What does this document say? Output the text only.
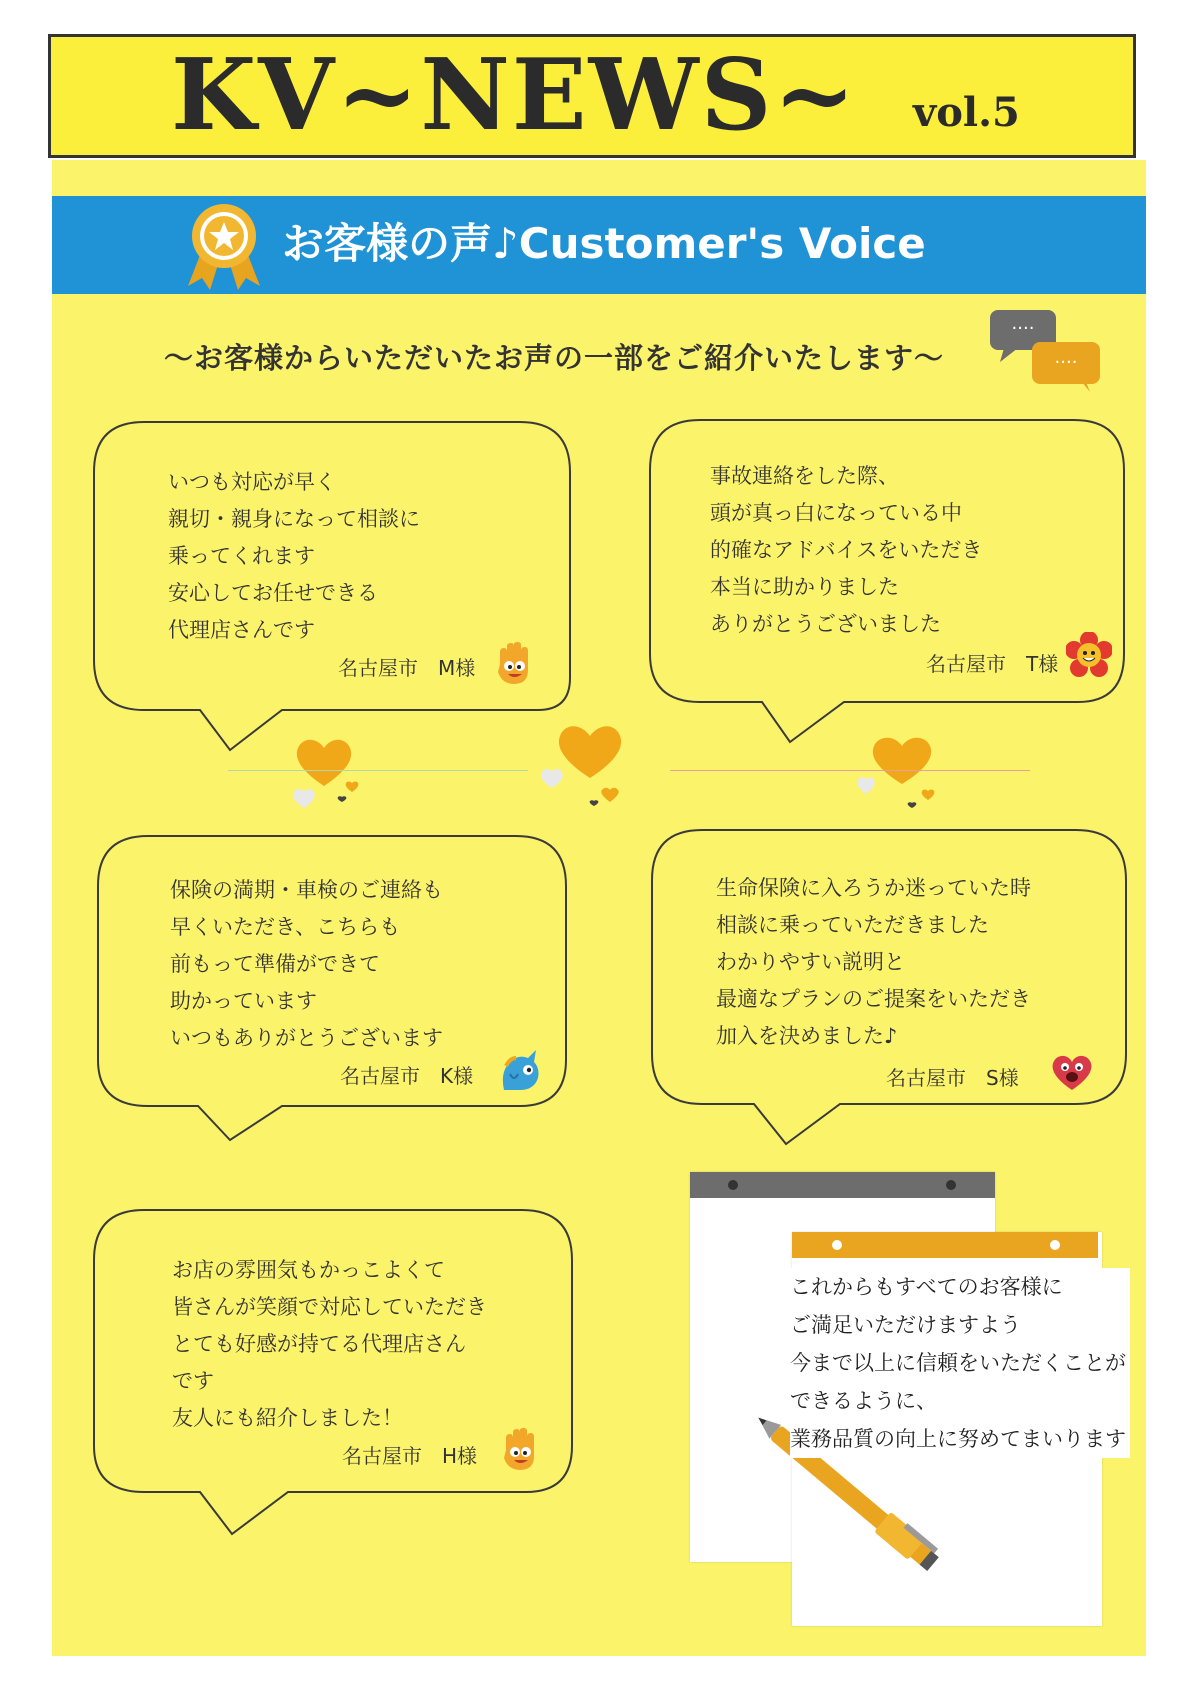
KV~NEWS~ vol.5
お客様の声♪Customer's Voice
～お客様からいただいたお声の一部をご紹介いたします～
····
····
いつも対応が早く
親切・親身になって相談に
乗ってくれます
安心してお任せできる
代理店さんです
名古屋市　M様
事故連絡をした際、
頭が真っ白になっている中
的確なアドバイスをいただき
本当に助かりました
ありがとうございました
名古屋市　T様
保険の満期・車検のご連絡も
早くいただき、こちらも
前もって準備ができて
助かっています
いつもありがとうございます
名古屋市　K様
生命保険に入ろうか迷っていた時
相談に乗っていただきました
わかりやすい説明と
最適なプランのご提案をいただき
加入を決めました♪
名古屋市　S様
お店の雰囲気もかっこよくて
皆さんが笑顔で対応していただき
とても好感が持てる代理店さん
です
友人にも紹介しました！
名古屋市　H様
これからもすべてのお客様に
ご満足いただけますよう
今まで以上に信頼をいただくことが
できるように、
業務品質の向上に努めてまいります
